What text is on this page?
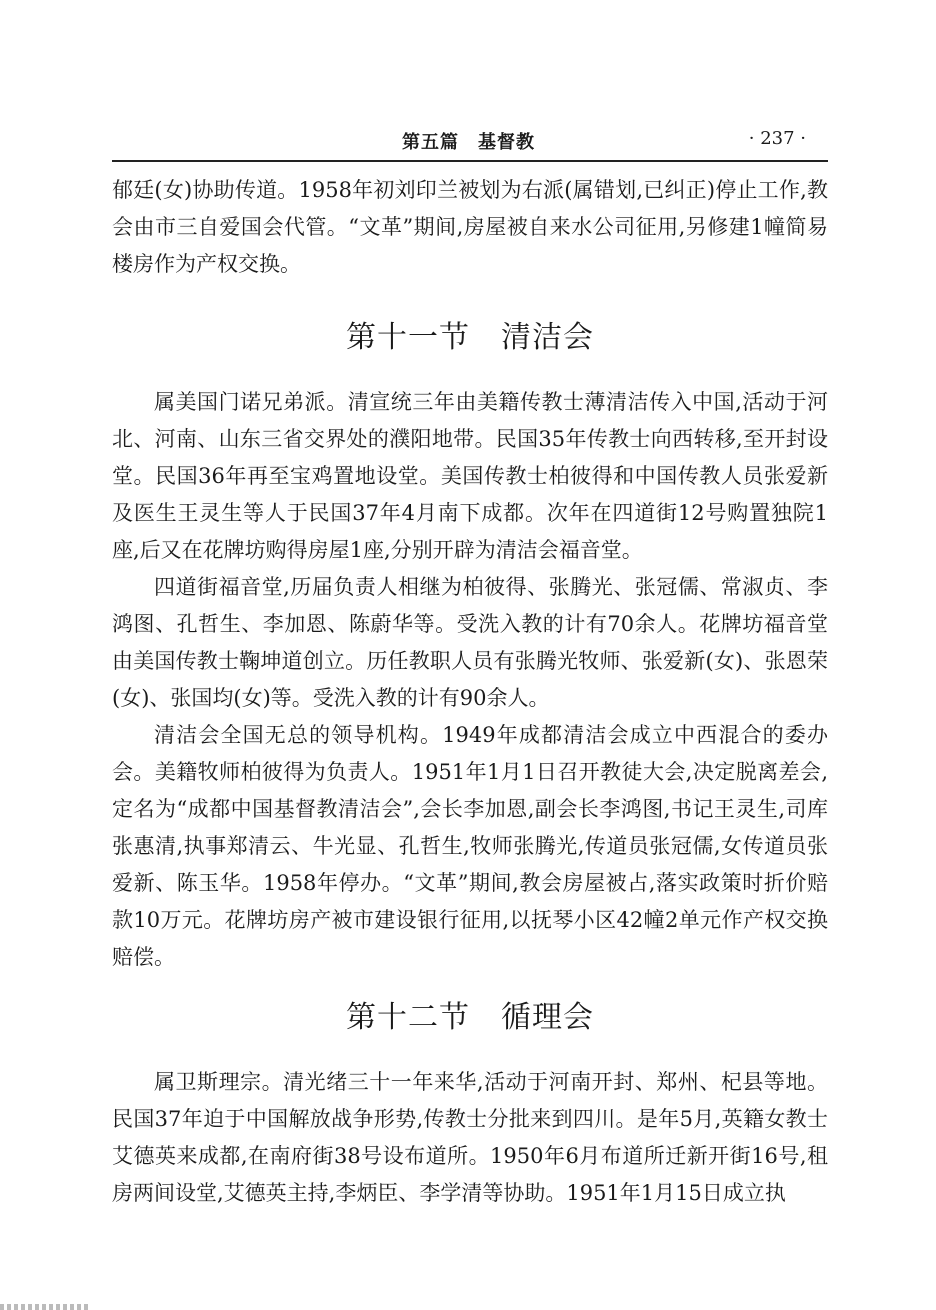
第五篇　基督教	· 237 ·

郁廷(女)协助传道。1958年初刘印兰被划为右派(属错划,已纠正)停止工作,教会由市三自爱国会代管。“文革”期间,房屋被自来水公司征用,另修建1幢简易楼房作为产权交换。

第十一节　清洁会

属美国门诺兄弟派。清宣统三年由美籍传教士薄清洁传入中国,活动于河北、河南、山东三省交界处的濮阳地带。民国35年传教士向西转移,至开封设堂。民国36年再至宝鸡置地设堂。美国传教士柏彼得和中国传教人员张爱新及医生王灵生等人于民国37年4月南下成都。次年在四道街12号购置独院1座,后又在花牌坊购得房屋1座,分别开辟为清洁会福音堂。

四道街福音堂,历届负责人相继为柏彼得、张腾光、张冠儒、常淑贞、李鸿图、孔哲生、李加恩、陈蔚华等。受洗入教的计有70余人。花牌坊福音堂由美国传教士鞠坤道创立。历任教职人员有张腾光牧师、张爱新(女)、张恩荣(女)、张国均(女)等。受洗入教的计有90余人。

清洁会全国无总的领导机构。1949年成都清洁会成立中西混合的委办会。美籍牧师柏彼得为负责人。1951年1月1日召开教徒大会,决定脱离差会,定名为“成都中国基督教清洁会”,会长李加恩,副会长李鸿图,书记王灵生,司库张惠清,执事郑清云、牛光显、孔哲生,牧师张腾光,传道员张冠儒,女传道员张爱新、陈玉华。1958年停办。“文革”期间,教会房屋被占,落实政策时折价赔款10万元。花牌坊房产被市建设银行征用,以抚琴小区42幢2单元作产权交换赔偿。

第十二节　循理会

属卫斯理宗。清光绪三十一年来华,活动于河南开封、郑州、杞县等地。民国37年迫于中国解放战争形势,传教士分批来到四川。是年5月,英籍女教士艾德英来成都,在南府街38号设布道所。1950年6月布道所迁新开街16号,租房两间设堂,艾德英主持,李炳臣、李学清等协助。1951年1月15日成立执
